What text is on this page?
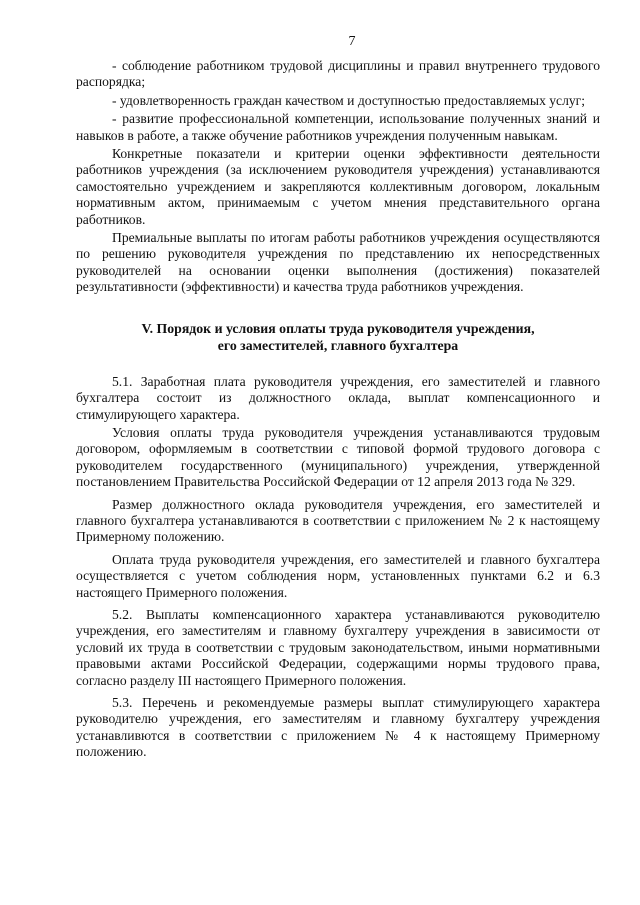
7

- соблюдение работником трудовой дисциплины и правил внутреннего трудового распорядка;

- удовлетворенность граждан качеством и доступностью предоставляемых услуг;

- развитие профессиональной компетенции, использование полученных знаний и навыков в работе, а также обучение работников учреждения полученным навыкам.

Конкретные показатели и критерии оценки эффективности деятельности работников учреждения (за исключением руководителя учреждения) устанавливаются самостоятельно учреждением и закрепляются коллективным договором, локальным нормативным актом, принимаемым с учетом мнения представительного органа работников.

Премиальные выплаты по итогам работы работников учреждения осуществляются по решению руководителя учреждения по представлению их непосредственных руководителей на основании оценки выполнения (достижения) показателей результативности (эффективности) и качества труда работников учреждения.

V. Порядок и условия оплаты труда руководителя учреждения,
его заместителей, главного бухгалтера

5.1. Заработная плата руководителя учреждения, его заместителей и главного бухгалтера состоит из должностного оклада, выплат компенсационного и стимулирующего характера.

Условия оплаты труда руководителя учреждения устанавливаются трудовым договором, оформляемым в соответствии с типовой формой трудового договора с руководителем государственного (муниципального) учреждения, утвержденной постановлением Правительства Российской Федерации от 12 апреля 2013 года № 329.

Размер должностного оклада руководителя учреждения, его заместителей и главного бухгалтера устанавливаются в соответствии с приложением № 2 к настоящему Примерному положению.

Оплата труда руководителя учреждения, его заместителей и главного бухгалтера осуществляется с учетом соблюдения норм, установленных пунктами 6.2 и 6.3 настоящего Примерного положения.

5.2. Выплаты компенсационного характера устанавливаются руководителю учреждения, его заместителям и главному бухгалтеру учреждения в зависимости от условий их труда в соответствии с трудовым законодательством, иными нормативными правовыми актами Российской Федерации, содержащими нормы трудового права, согласно разделу III настоящего Примерного положения.

5.3. Перечень и рекомендуемые размеры выплат стимулирующего характера руководителю учреждения, его заместителям и главному бухгалтеру учреждения устанавливются в соответствии с приложением № 4 к настоящему Примерному положению.
